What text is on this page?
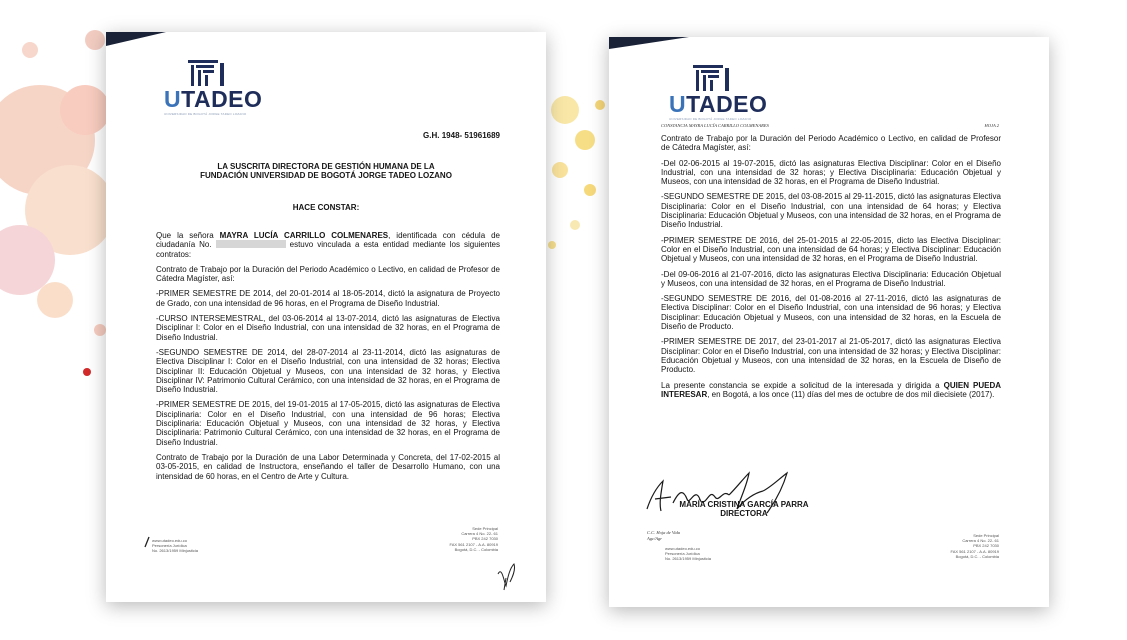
UTADEO
UNIVERSIDAD DE BOGOTÁ JORGE TADEO LOZANO
G.H. 1948- 51961689
LA SUSCRITA DIRECTORA DE GESTIÓN HUMANA DE LA
FUNDACIÓN UNIVERSIDAD DE BOGOTÁ JORGE TADEO LOZANO
HACE CONSTAR:

Que la señora MAYRA LUCÍA CARRILLO COLMENARES, identificada con cédula de ciudadanía No.	estuvo vinculada a esta entidad mediante los siguientes contratos:

Contrato de Trabajo por la Duración del Periodo Académico o Lectivo, en calidad de Profesor de Cátedra Magíster, así:

-PRIMER SEMESTRE DE 2014, del 20-01-2014 al 18-05-2014, dictó la asignatura de Proyecto de Grado, con una intensidad de 96 horas, en el Programa de Diseño Industrial.

-CURSO INTERSEMESTRAL, del 03-06-2014 al 13-07-2014, dictó las asignaturas de Electiva Disciplinar I: Color en el Diseño Industrial, con una intensidad de 32 horas, en el Programa de Diseño Industrial.

-SEGUNDO SEMESTRE DE 2014, del 28-07-2014 al 23-11-2014, dictó las asignaturas de Electiva Disciplinar I: Color en el Diseño Industrial, con una intensidad de 32 horas; Electiva Disciplinar II: Educación Objetual y Museos, con una intensidad de 32 horas, y Electiva Disciplinar IV: Patrimonio Cultural Cerámico, con una intensidad de 32 horas, en el Programa de Diseño Industrial.

-PRIMER SEMESTRE DE 2015, del 19-01-2015 al 17-05-2015, dictó las asignaturas de Electiva Disciplinaria: Color en el Diseño Industrial, con una intensidad de 96 horas; Electiva Disciplinaria: Educación Objetual y Museos, con una intensidad de 32 horas, y Electiva Disciplinaria: Patrimonio Cultural Cerámico, con una intensidad de 32 horas, en el Programa de Diseño Industrial.

Contrato de Trabajo por la Duración de una Labor Determinada y Concreta, del 17-02-2015 al 03-05-2015, en calidad de Instructora, enseñando el taller de Desarrollo Humano, con una intensidad de 60 horas, en el Centro de Arte y Cultura.

www.utadeo.edu.co
Personería Jurídica
No. 2613/1959 Minjusticia
Sede Principal
Carrera 4 No. 22- 61
PBX 242 7030
FAX 561 2107 - A.A. 80919
Bogotá, D.C. - Colombia
UTADEO
UNIVERSIDAD DE BOGOTÁ JORGE TADEO LOZANO
CONSTANCIA MAYRA LUCÍA CARRILLO COLMENARES	HOJA 2

Contrato de Trabajo por la Duración del Periodo Académico o Lectivo, en calidad de Profesor de Cátedra Magíster, así:

-Del 02-06-2015 al 19-07-2015, dictó las asignaturas Electiva Disciplinar: Color en el Diseño Industrial, con una intensidad de 32 horas; y Electiva Disciplinaria: Educación Objetual y Museos, con una intensidad de 32 horas, en el Programa de Diseño Industrial.

-SEGUNDO SEMESTRE DE 2015, del 03-08-2015 al 29-11-2015, dictó las asignaturas Electiva Disciplinaria: Color en el Diseño Industrial, con una intensidad de 64 horas; y Electiva Disciplinaria: Educación Objetual y Museos, con una intensidad de 32 horas, en el Programa de Diseño Industrial.

-PRIMER SEMESTRE DE 2016, del 25-01-2015 al 22-05-2015, dicto las Electiva Disciplinar: Color en el Diseño Industrial, con una intensidad de 64 horas; y Electiva Disciplinar: Educación Objetual y Museos, con una intensidad de 32 horas, en el Programa de Diseño Industrial.

-Del 09-06-2016 al 21-07-2016, dicto las asignaturas Electiva Disciplinaria: Educación Objetual y Museos, con una intensidad de 32 horas, en el Programa de Diseño Industrial.

-SEGUNDO SEMESTRE DE 2016, del 01-08-2016 al 27-11-2016, dictó las asignaturas de Electiva Disciplinar: Color en el Diseño Industrial, con una intensidad de 96 horas; y Electiva Disciplinar: Educación Objetual y Museos, con una intensidad de 32 horas, en la Escuela de Diseño de Producto.

-PRIMER SEMESTRE DE 2017, del 23-01-2017 al 21-05-2017, dictó las asignaturas Electiva Disciplinar: Color en el Diseño Industrial, con una intensidad de 32 horas; y Electiva Disciplinar: Educación Objetual y Museos, con una intensidad de 32 horas, en la Escuela de Diseño de Producto.

La presente constancia se expide a solicitud de la interesada y dirigida a QUIEN PUEDA INTERESAR, en Bogotá, a los once (11) días del mes de octubre de dos mil diecisiete (2017).

MARÍA CRISTINA GARCÍA PARRA
DIRECTORA
C.C. Hoja de Vida
Agc/Agr
www.utadeo.edu.co
Personería Jurídica
No. 2613/1959 Minjusticia
Sede Principal
Carrera 4 No. 22- 61
PBX 242 7030
FAX 561 2107 - A.A. 80919
Bogotá, D.C. - Colombia
